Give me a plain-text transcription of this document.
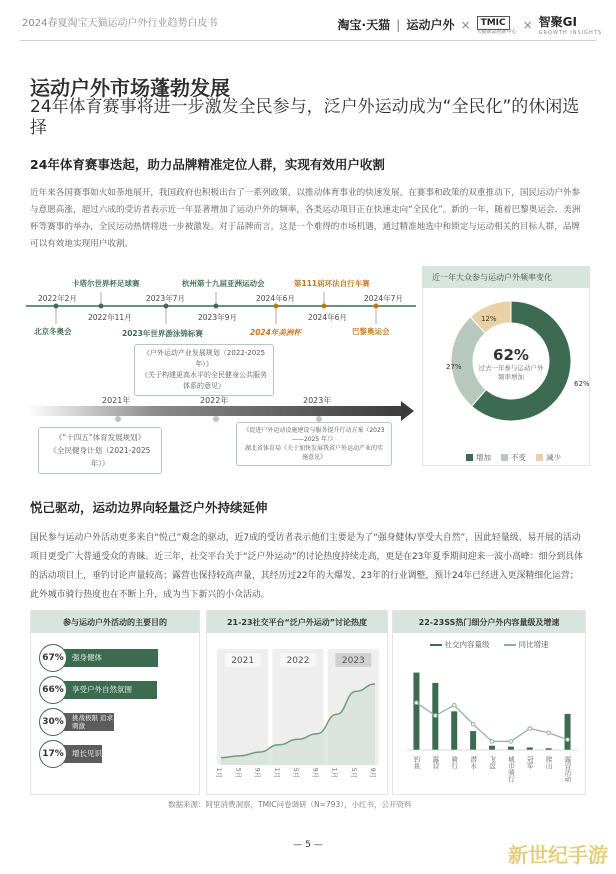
2024春夏淘宝天猫运动户外行业趋势白皮书	淘宝·天猫 | 运动户外 ×	TMIC
天猫新品创新中心
× 智聚GI
GROWTH INSIGHTS
运动户外市场蓬勃发展
24年体育赛事将进一步激发全民参与，泛户外运动成为“全民化”的休闲选择
24年体育赛事迭起，助力品牌精准定位人群，实现有效用户收割
近年来各国赛事如火如荼地展开，我国政府也积极出台了一系列政策，以推动体育事业的快速发展。在赛事和政策的双重推动下，国民运动户外参与意愿高涨，超过六成的受访者表示近一年显著增加了运动户外的频率，各类运动项目正在快速走向“全民化”。新的一年，随着巴黎奥运会、美洲杯等赛事的举办，全民运动热情将进一步被激发。对于品牌而言，这是一个难得的市场机遇，通过精准地选中和锁定与运动相关的目标人群，品牌可以有效地实现用户收割。
卡塔尔世界杯足球赛	杭州第十九届亚洲运动会	第111届环法自行车赛
2022年2月	2023年7月	2024年6月	2024年7月
2022年11月	2023年9月	2024年6月
北京冬奥会	2023年世界游泳锦标赛	2024年美洲杯	巴黎奥运会
《户外运动产业发展规划（2022-2025年）》
《关于构建更高水平的全民健身公共服务体系的意见》
2021年	2022年	2023年
《“十四五”体育发展规划》
《全民健身计划（2021-2025年）》
《促进户外运动设施建设与服务提升行动方案（2023——2025 年）》
湖北省体育局《关于加快发展我省户外运动产业的实施意见》
近一年大众参与运动户外频率变化
62%
过去一年参与运动户外频率增加
62%
27%
12%
增加	不变	减少
悦己驱动，运动边界向轻量泛户外持续延伸
国民参与运动户外活动更多来自“悦己”观念的驱动，近7成的受访者表示他们主要是为了“强身健体/享受大自然”，因此轻量级、易开展的活动项目更受广大普通受众的青睐。近三年，社交平台关于“泛户外运动”的讨论热度持续走高，更是在23年夏季期间迎来一波小高峰：细分到具体的活动项目上，垂钓讨论声量较高；露营也保持较高声量，其经历过22年的大爆发、23年的行业调整，预计24年已经进入更深精细化运营；此外城市骑行热度也在不断上升，成为当下新兴的小众活动。
参与运动户外活动的主要目的
67%	强身健体
66%	享受户外自然氛围
30%	挑战极限 追求刺激
17%	增长见识
21-23社交平台“泛户外运动”讨论热度
2021	2022	2023
1月 5月 9月 1月 5月 9月 1月 5月 9月
22-23SS热门细分户外内容量级及增速
社交内容量级	同比增速
钓鱼 露营 骑行 潜水 飞盘 城市骑行 冠军 爬山 露营活动
数据来源：阿里消费洞察，TMIC问卷调研（N=793），小红书，公开资料
— 5 —	新世纪手游
